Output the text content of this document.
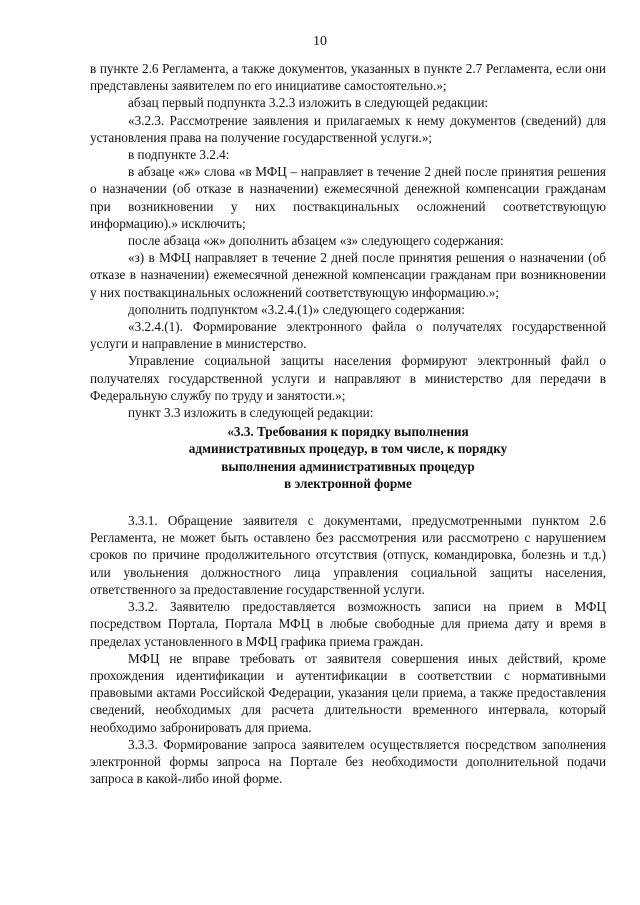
10

в пункте 2.6 Регламента, а также документов, указанных в пункте 2.7 Регламента, если они представлены заявителем по его инициативе самостоятельно.»;

абзац первый подпункта 3.2.3 изложить в следующей редакции:

«3.2.3. Рассмотрение заявления и прилагаемых к нему документов (сведений) для установления права на получение государственной услуги.»;

в подпункте 3.2.4:

в абзаце «ж» слова «в МФЦ – направляет в течение 2 дней после принятия решения о назначении (об отказе в назначении) ежемесячной денежной компенсации гражданам при возникновении у них поствакцинальных осложнений соответствующую информацию).» исключить;

после абзаца «ж» дополнить абзацем «з» следующего содержания:

«з) в МФЦ направляет в течение 2 дней после принятия решения о назначении (об отказе в назначении) ежемесячной денежной компенсации гражданам при возникновении у них поствакцинальных осложнений соответствующую информацию.»;

дополнить подпунктом «3.2.4.(1)» следующего содержания:

«3.2.4.(1). Формирование электронного файла о получателях государственной услуги и направление в министерство.

Управление социальной защиты населения формируют электронный файл о получателях государственной услуги и направляют в министерство для передачи в Федеральную службу по труду и занятости.»;

пункт 3.3 изложить в следующей редакции:

«3.3. Требования к порядку выполнения
административных процедур, в том числе, к порядку
выполнения административных процедур
в электронной форме

3.3.1. Обращение заявителя с документами, предусмотренными пунктом 2.6 Регламента, не может быть оставлено без рассмотрения или рассмотрено с нарушением сроков по причине продолжительного отсутствия (отпуск, командировка, болезнь и т.д.) или увольнения должностного лица управления социальной защиты населения, ответственного за предоставление государственной услуги.

3.3.2. Заявителю предоставляется возможность записи на прием в МФЦ посредством Портала, Портала МФЦ в любые свободные для приема дату и время в пределах установленного в МФЦ графика приема граждан.

МФЦ не вправе требовать от заявителя совершения иных действий, кроме прохождения идентификации и аутентификации в соответствии с нормативными правовыми актами Российской Федерации, указания цели приема, а также предоставления сведений, необходимых для расчета длительности временного интервала, который необходимо забронировать для приема.

3.3.3. Формирование запроса заявителем осуществляется посредством заполнения электронной формы запроса на Портале без необходимости дополнительной подачи запроса в какой-либо иной форме.
